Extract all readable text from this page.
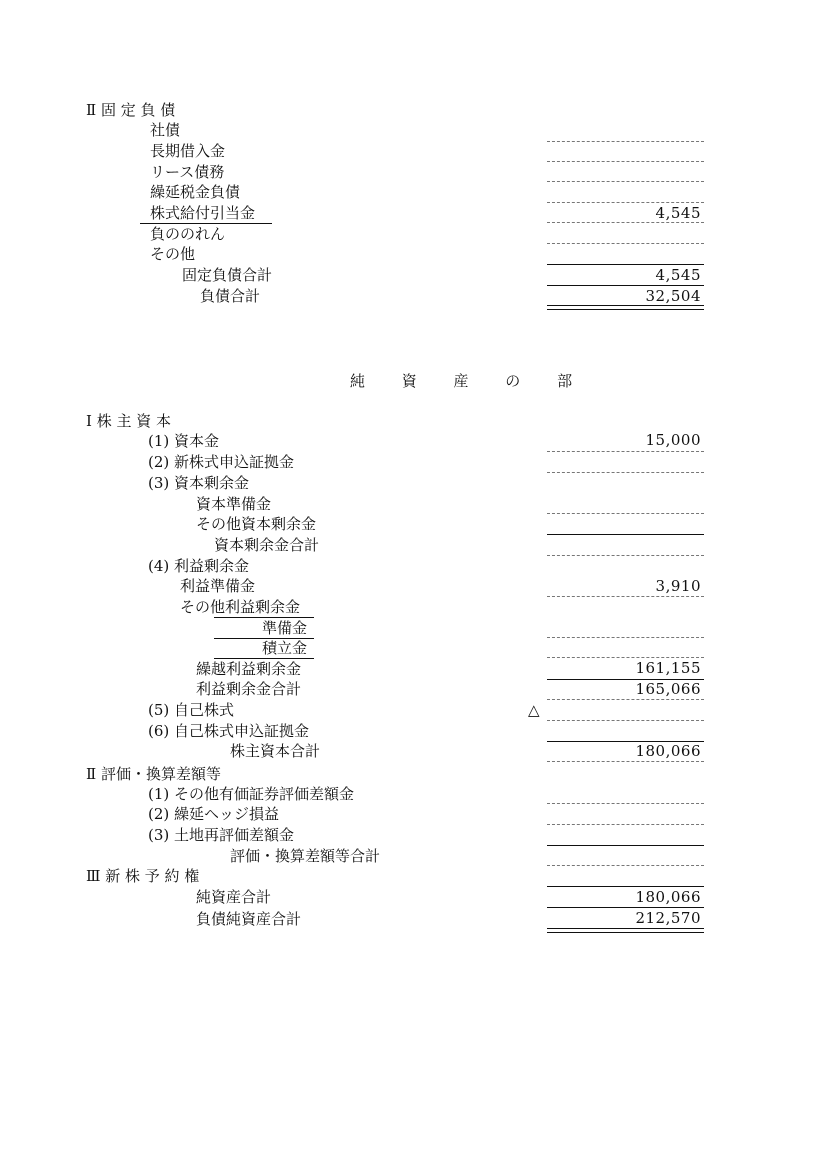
Ⅱ 固 定 負 債
社債
長期借入金
リース債務
繰延税金負債
株式給付引当金	4,545
負ののれん
その他
固定負債合計	4,545
負債合計	32,504
純 資 産 の 部
Ⅰ 株 主 資 本
(1) 資本金	15,000
(2) 新株式申込証拠金
(3) 資本剰余金
資本準備金
その他資本剰余金
資本剰余金合計
(4) 利益剰余金
利益準備金	3,910
その他利益剰余金
準備金
積立金
繰越利益剰余金	161,155
利益剰余金合計	165,066
(5) 自己株式	△
(6) 自己株式申込証拠金
株主資本合計	180,066
Ⅱ 評価・換算差額等
(1) その他有価証券評価差額金
(2) 繰延ヘッジ損益
(3) 土地再評価差額金
評価・換算差額等合計
Ⅲ 新 株 予 約 権
純資産合計	180,066
負債純資産合計	212,570
